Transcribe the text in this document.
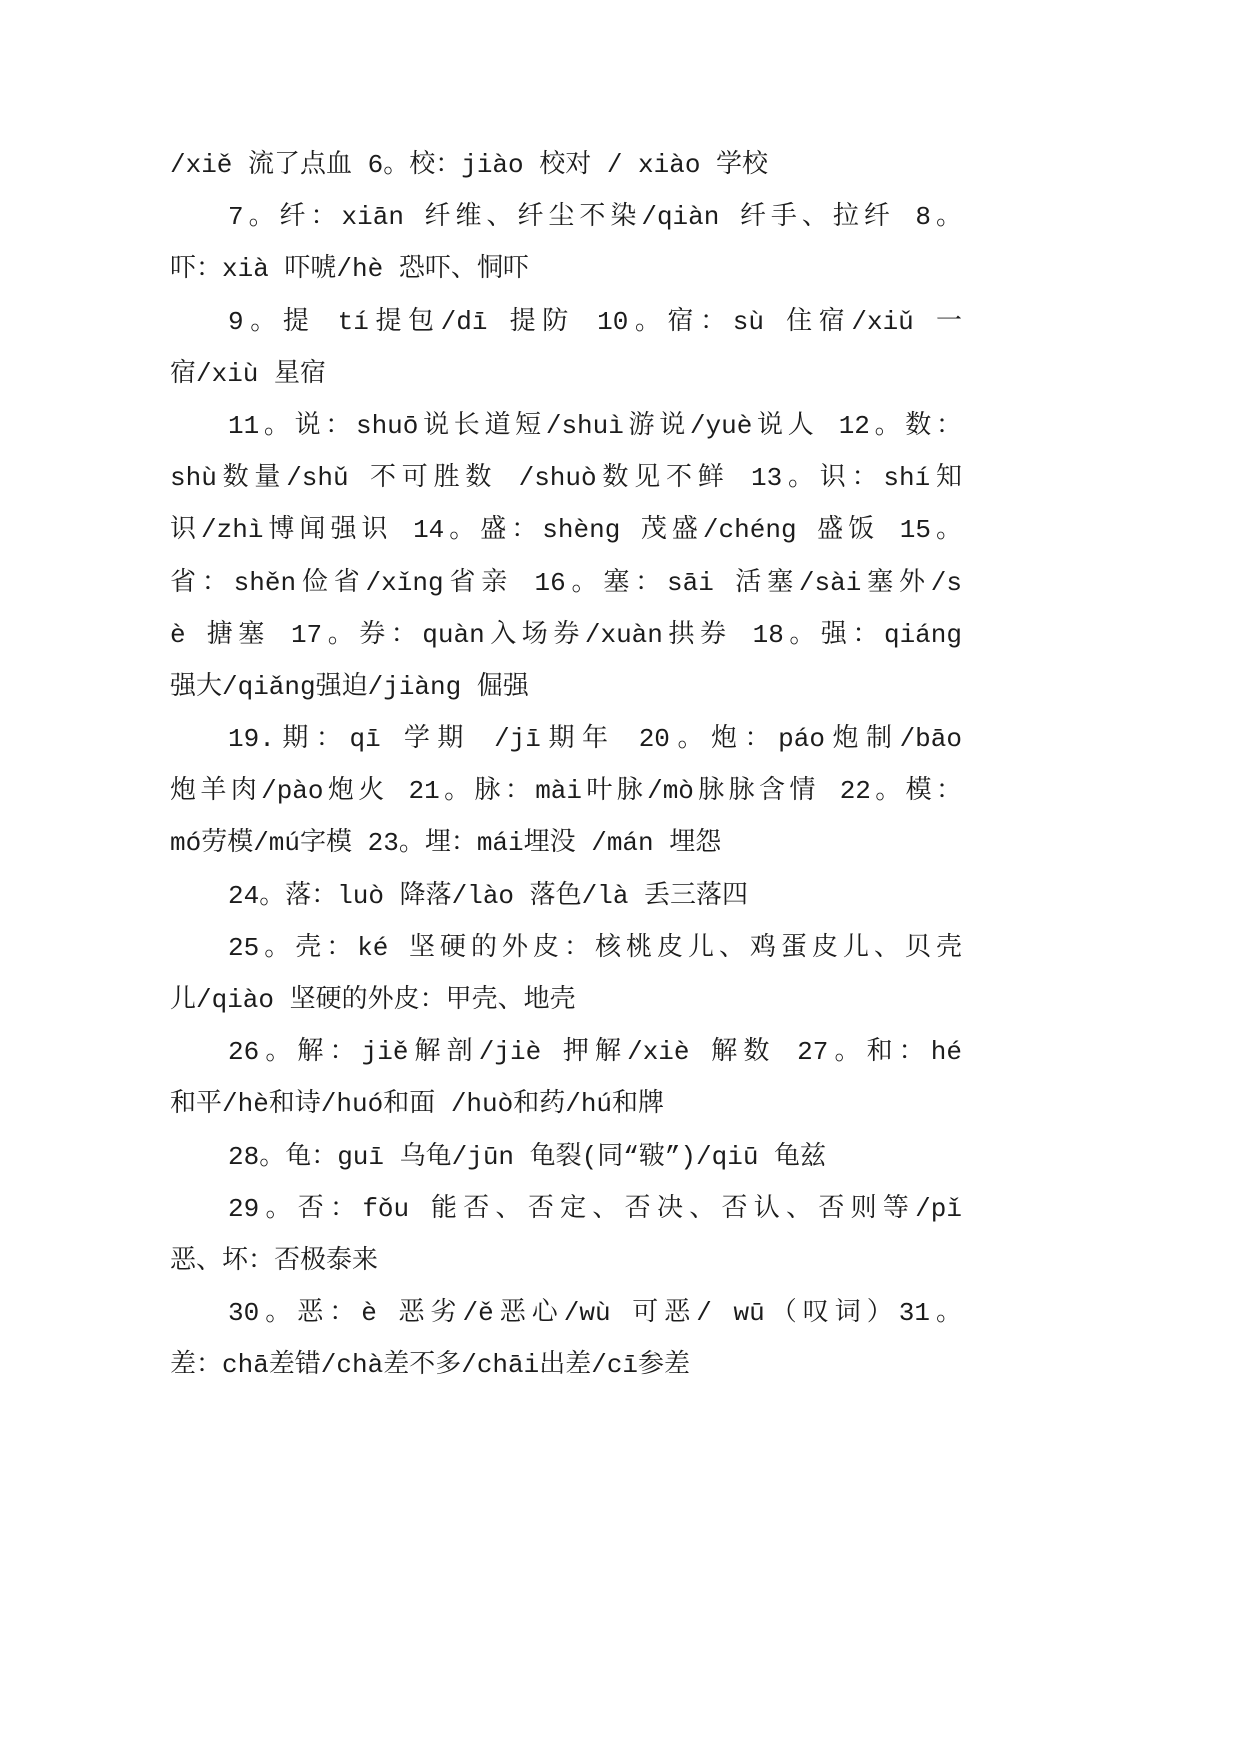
/xiě 流了点血 6。校：jiào 校对 / xiào 学校
7。纤：xiān 纤维、纤尘不染/qiàn 纤手、拉纤 8。
吓：xià 吓唬/hè 恐吓、恫吓
9。提 tí提包/dī 提防 10。宿：sù 住宿/xiǔ 一
宿/xiù 星宿
11。说：shuō说长道短/shuì游说/yuè说人 12。数：
shù数量/shǔ 不可胜数 /shuò数见不鲜 13。识：shí知
识/zhì博闻强识 14。盛：shèng 茂盛/chéng 盛饭 15。
省：shěn俭省/xǐng省亲 16。塞：sāi 活塞/sài塞外/s
è 搪塞 17。券：quàn入场券/xuàn拱券 18。强：qiáng
强大/qiǎng强迫/jiàng 倔强
19.期：qī 学期 /jī期年 20。炮：páo炮制/bāo
炮羊肉/pào炮火 21。脉：mài叶脉/mò脉脉含情 22。模：
mó劳模/mú字模 23。埋：mái埋没 /mán 埋怨
24。落：luò 降落/lào 落色/là 丢三落四
25。壳：ké 坚硬的外皮：核桃皮儿、鸡蛋皮儿、贝壳
儿/qiào 坚硬的外皮：甲壳、地壳
26。解：jiě解剖/jiè 押解/xiè 解数 27。和：hé
和平/hè和诗/huó和面 /huò和药/hú和牌
28。龟：guī 乌龟/jūn 龟裂(同“皲”)/qiū 龟兹
29。否：fǒu 能否、否定、否决、否认、否则等/pǐ
恶、坏：否极泰来
30。恶：è 恶劣/ě恶心/wù 可恶/ wū（叹词）31。
差：chā差错/chà差不多/chāi出差/cī参差
